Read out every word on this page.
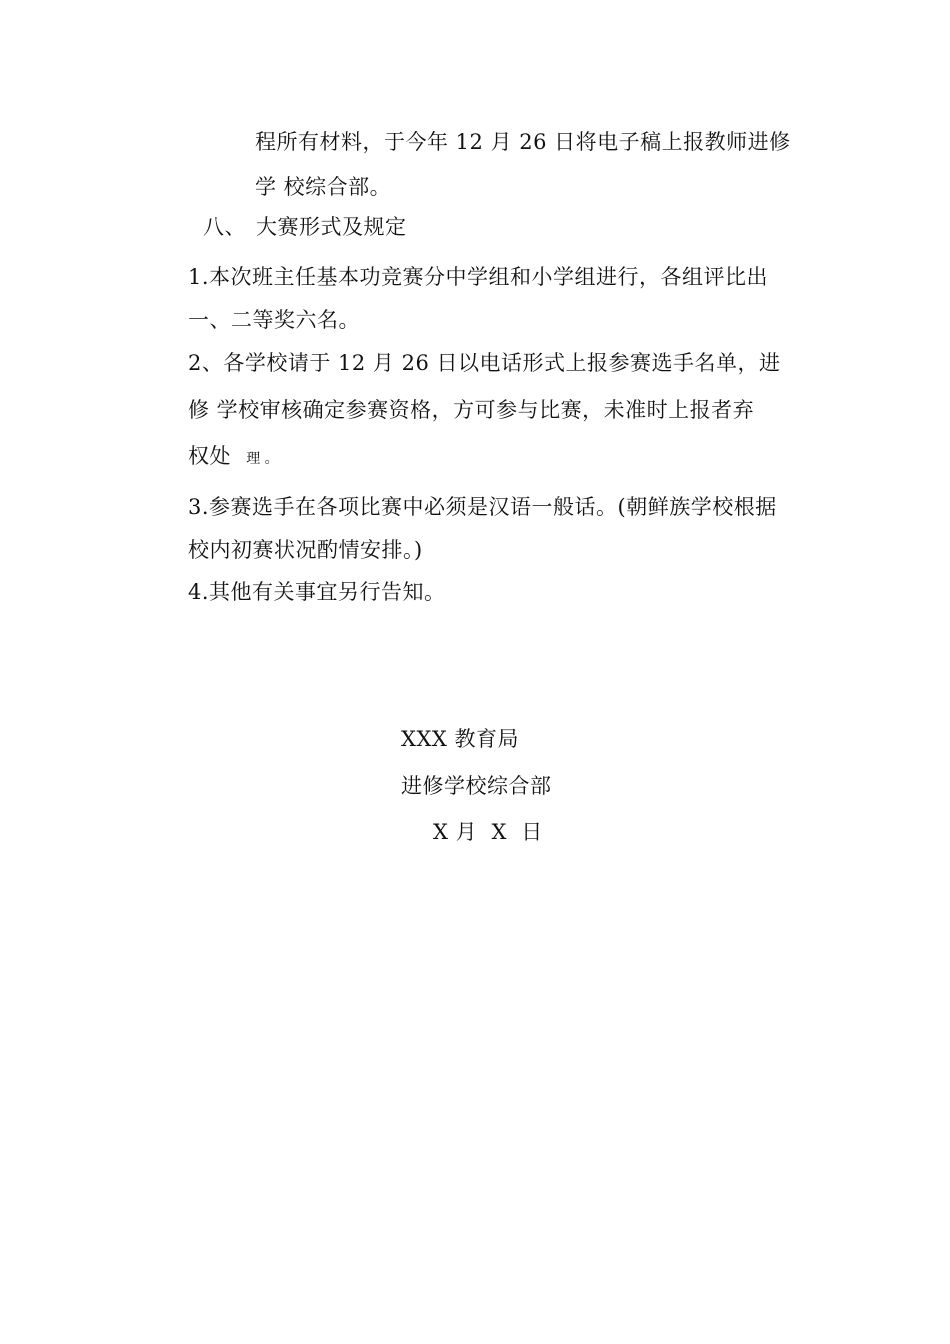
程所有材料，于今年 12 月 26 日将电子稿上报教师进修
学 校综合部。
八、 大赛形式及规定
1.本次班主任基本功竞赛分中学组和小学组进行，各组评比出
一、二等奖六名。
2、各学校请于 12 月 26 日以电话形式上报参赛选手名单，进
修 学校审核确定参赛资格，方可参与比赛，未准时上报者弃
权处 理 。
3.参赛选手在各项比赛中必须是汉语一般话。(朝鲜族学校根据
校内初赛状况酌情安排。)
4.其他有关事宜另行告知。
XXX 教育局
进修学校综合部
X 月  X  日
